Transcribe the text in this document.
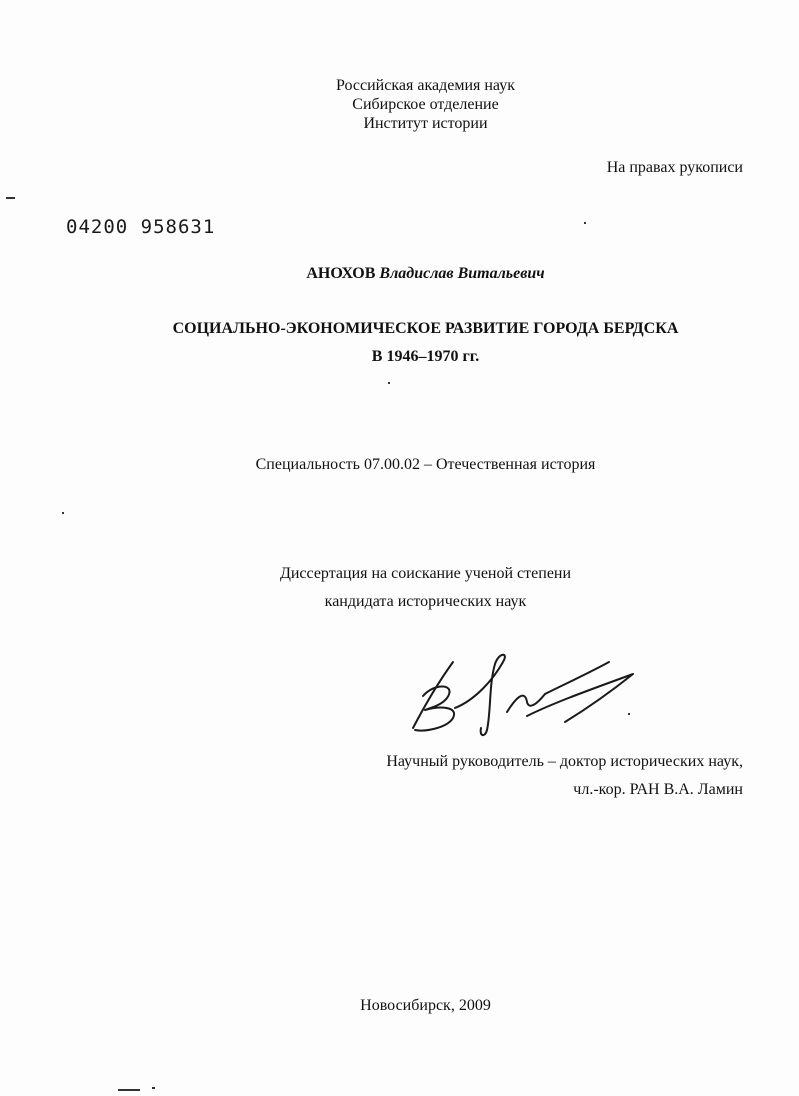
Российская академия наук
Сибирское отделение
Институт истории
На правах рукописи
04200 958631
АНОХОВ Владислав Витальевич
СОЦИАЛЬНО-ЭКОНОМИЧЕСКОЕ РАЗВИТИЕ ГОРОДА БЕРДСКА
В 1946–1970 гг.
Специальность 07.00.02 – Отечественная история
Диссертация на соискание ученой степени
кандидата исторических наук
Научный руководитель – доктор исторических наук,
чл.-кор. РАН В.А. Ламин
Новосибирск, 2009
